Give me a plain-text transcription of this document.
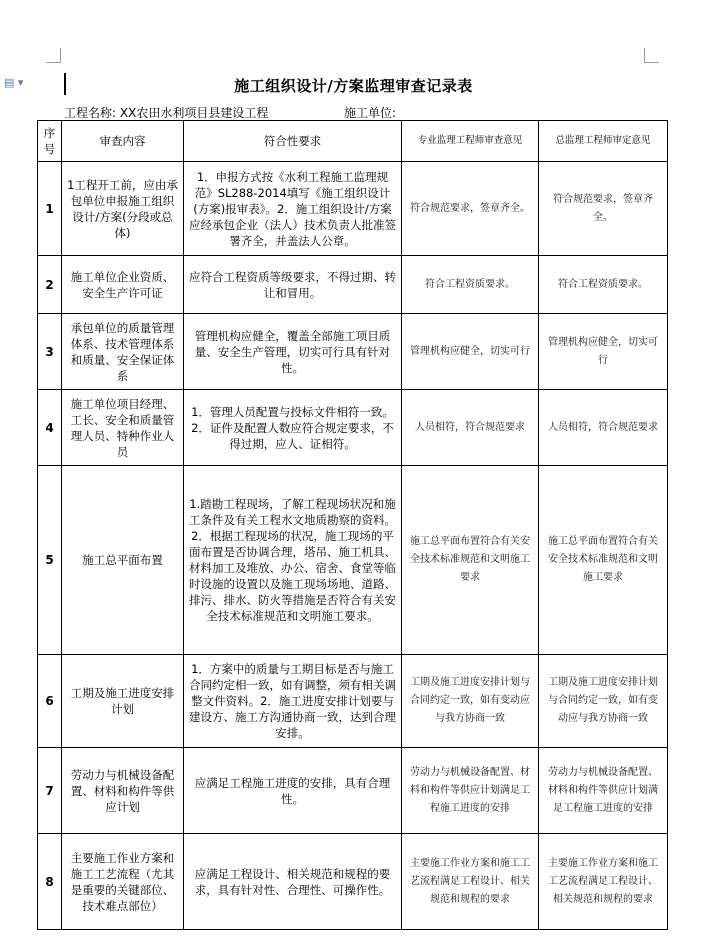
▤ ▾	施工组织设计/方案监理审查记录表
工程名称: XX农田水利项目县建设工程	施工单位:
序号	审查内容	符合性要求	专业监理工程师审查意见	总监理工程师审定意见
1	1工程开工前，应由承包单位申报施工组织设计/方案(分段或总体)	1．申报方式按《水利工程施工监理规范》SL288-2014填写《施工组织设计(方案)报审表》。2．施工组织设计/方案应经承包企业（法人）技术负责人批准签署齐全，并盖法人公章。	符合规范要求，签章齐全。	符合规范要求，签章齐全。
2	施工单位企业资质、安全生产许可证	应符合工程资质等级要求，不得过期、转让和冒用。	符合工程资质要求。	符合工程资质要求。
3	承包单位的质量管理体系、技术管理体系和质量、安全保证体系	管理机构应健全，覆盖全部施工项目质量、安全生产管理，切实可行具有针对性。	管理机构应健全，切实可行	管理机构应健全，切实可行
4	施工单位项目经理、工长、安全和质量管理人员、特种作业人员	1．管理人员配置与投标文件相符一致。2．证件及配置人数应符合规定要求，不得过期，应人、证相符。	人员相符，符合规范要求	人员相符，符合规范要求
5	施工总平面布置	1.踏勘工程现场，了解工程现场状况和施工条件及有关工程水文地质勘察的资料。2．根据工程现场的状况，施工现场的平面布置是否协调合理，塔吊、施工机具、材料加工及堆放、办公、宿舍、食堂等临时设施的设置以及施工现场场地、道路、排污、排水、防火等措施是否符合有关安全技术标准规范和文明施工要求。	施工总平面布置符合有关安全技术标准规范和文明施工要求	施工总平面布置符合有关安全技术标准规范和文明施工要求
6	工期及施工进度安排计划	1．方案中的质量与工期目标是否与施工合同约定相一致，如有调整，须有相关调整文件资料。2．施工进度安排计划要与建设方、施工方沟通协商一致，达到合理安排。	工期及施工进度安排计划与合同约定一致，如有变动应与我方协商一致	工期及施工进度安排计划与合同约定一致，如有变动应与我方协商一致
7	劳动力与机械设备配置、材料和构件等供应计划	应满足工程施工进度的安排，具有合理性。	劳动力与机械设备配置、材料和构件等供应计划满足工程施工进度的安排	劳动力与机械设备配置、材料和构件等供应计划满足工程施工进度的安排
8	主要施工作业方案和施工工艺流程（尤其是重要的关键部位、技术难点部位）	应满足工程设计、相关规范和规程的要求，具有针对性、合理性、可操作性。	主要施工作业方案和施工工艺流程满足工程设计、相关规范和规程的要求	主要施工作业方案和施工工艺流程满足工程设计、相关规范和规程的要求
